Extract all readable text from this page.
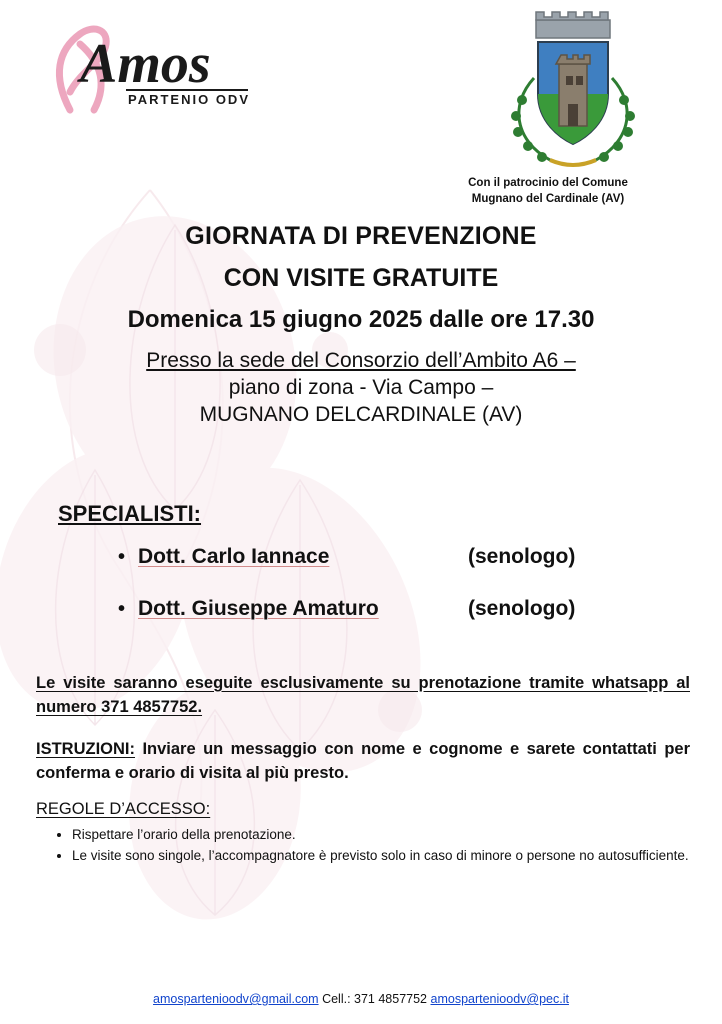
Amos
PARTENIO ODV
Con il patrocinio del Comune
Mugnano del Cardinale (AV)
GIORNATA DI PREVENZIONE
CON VISITE GRATUITE
Domenica 15 giugno 2025 dalle ore 17.30
Presso la sede del Consorzio dell’Ambito A6 –
piano di zona - Via Campo –
MUGNANO DELCARDINALE (AV)
SPECIALISTI:
• Dott. Carlo Iannace	(senologo)
• Dott. Giuseppe Amaturo	(senologo)

Le visite saranno eseguite esclusivamente su prenotazione tramite whatsapp al numero 371 4857752.

ISTRUZIONI: Inviare un messaggio con nome e cognome e sarete contattati per conferma e orario di visita al più presto.

REGOLE D’ACCESSO:
• Rispettare l’orario della prenotazione.
• Le visite sono singole, l’accompagnatore è previsto solo in caso di minore o persone no autosufficiente.
amospartenioodv@gmail.com Cell.: 371 4857752 amospartenioodv@pec.it
